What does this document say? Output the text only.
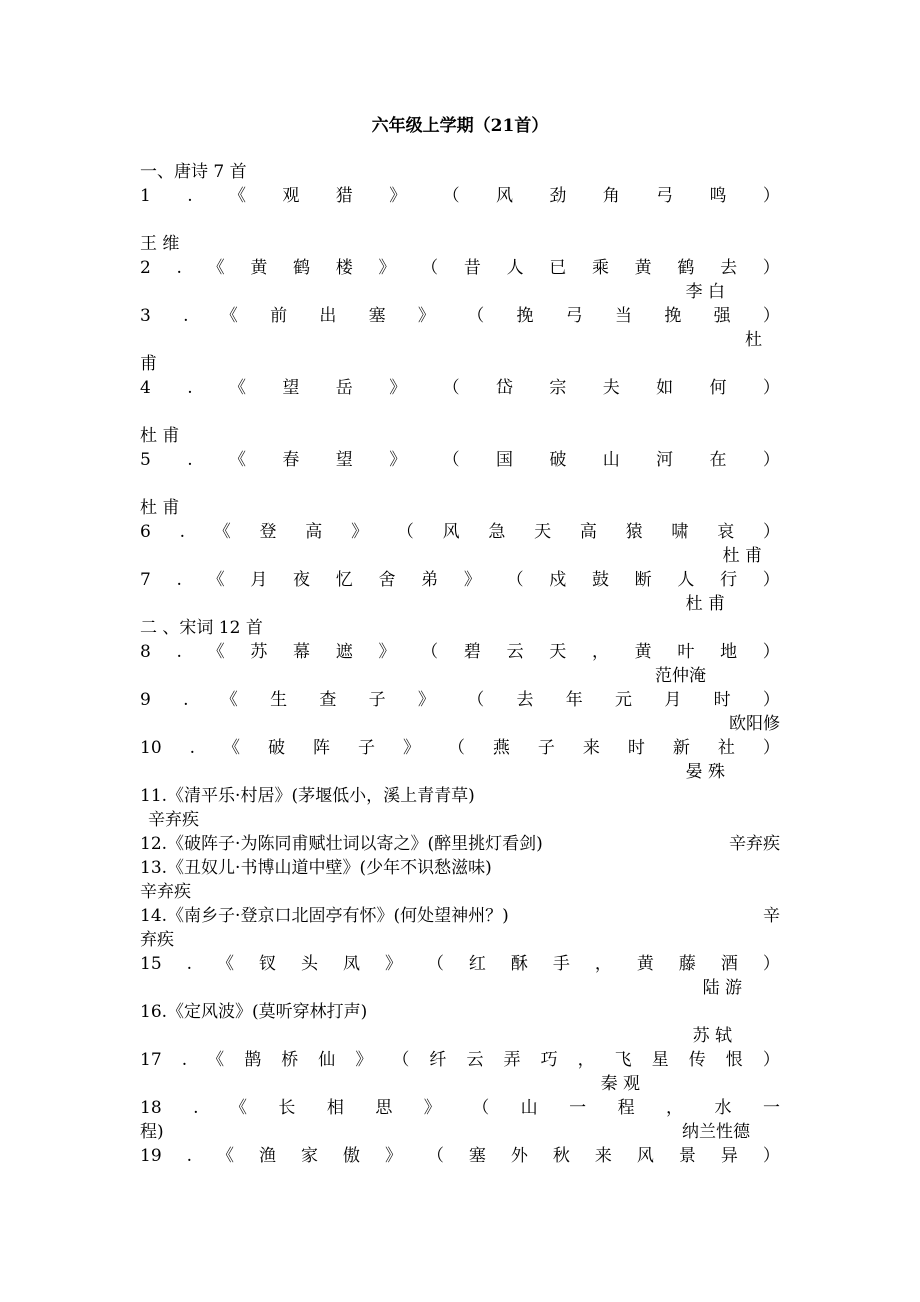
六年级上学期（21首）
一、唐诗 7 首
1 . 《 观 猎 》 （ 风 劲 角 弓 鸣 ）
王 维
2 . 《 黄 鹤 楼 》 （ 昔 人 已 乘 黄 鹤 去 ）
李 白
3 . 《 前 出 塞 》 （ 挽 弓 当 挽 强 ）
杜
甫
4 . 《 望 岳 》 （ 岱 宗 夫 如 何 ）
杜 甫
5 . 《 春 望 》 （ 国 破 山 河 在 ）
杜 甫
6 . 《 登 高 》 （ 风 急 天 高 猿 啸 哀 ）
杜 甫
7 . 《 月 夜 忆 舍 弟 》 （ 戍 鼓 断 人 行 ）
杜 甫
二 、宋词 12 首
8 . 《 苏 幕 遮 》 （ 碧 云 天 ， 黄 叶 地 ）
范仲淹
9 . 《 生 查 子 》 （ 去 年 元 月 时 ）
欧阳修
10 . 《 破 阵 子 》 （ 燕 子 来 时 新 社 ）
晏 殊
11.《清平乐·村居》(茅堰低小，溪上青青草)
辛弃疾
12.《破阵子·为陈同甫赋壮词以寄之》(醉里挑灯看剑)	辛弃疾
13.《丑奴儿·书博山道中壁》(少年不识愁滋味)
辛弃疾
14.《南乡子·登京口北固亭有怀》(何处望神州？)	辛
弃疾
15 . 《 钗 头 凤 》 （ 红 酥 手 ， 黄 藤 酒 ）
陆 游
16.《定风波》(莫听穿林打声)
苏 轼
17 . 《 鹊 桥 仙 》 （ 纤 云 弄 巧 ， 飞 星 传 恨 ）
秦 观
18 . 《 长 相 思 》 （ 山 一 程 ， 水 一
程)	纳兰性德
19 . 《 渔 家 傲 》 （ 塞 外 秋 来 风 景 异 ）
